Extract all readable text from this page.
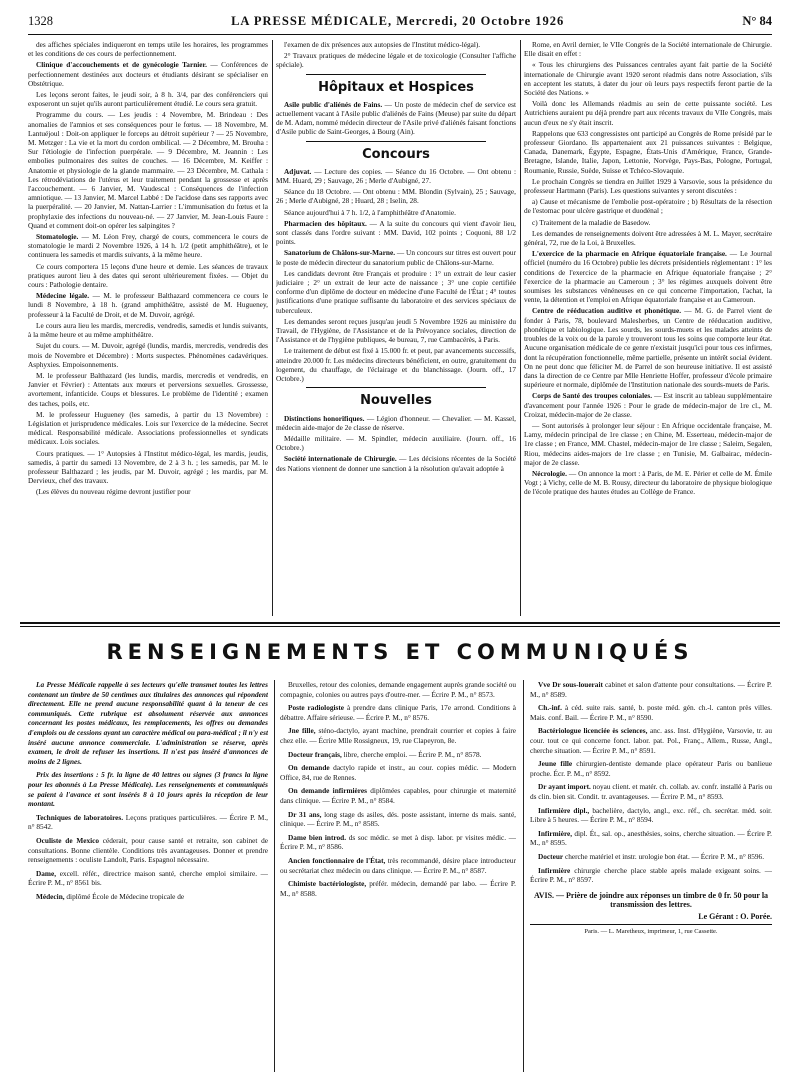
1328	LA PRESSE MÉDICALE, Mercredi, 20 Octobre 1926	N° 84

des affiches spéciales indiqueront en temps utile les horaires, les programmes et les conditions de ces cours de perfectionnement.

Clinique d'accouchements et de gynécologie Tarnier. — Conférences de perfectionnement destinées aux docteurs et étudiants désirant se spécialiser en Obstétrique.

Les leçons seront faites, le jeudi soir, à 8 h. 3/4, par des conférenciers qui exposeront un sujet qu'ils auront particulièrement étudié. Le cours sera gratuit.

Programme du cours. — Les jeudis : 4 Novembre, M. Brindeau : Des anomalies de l'amnios et ses conséquences pour le fœtus. — 18 Novembre, M. Lantuéjoul : Doit-on appliquer le forceps au détroit supérieur ? — 25 Novembre, M. Metzger : La vie et la mort du cordon ombilical. — 2 Décembre, M. Brouha : Sur l'étiologie de l'infection puerpérale. — 9 Décembre, M. Jeannin : Les embolies pulmonaires des suites de couches. — 16 Décembre, M. Keiffer : Anatomie et physiologie de la glande mammaire. — 23 Décembre, M. Cathala : Les rétrodéviations de l'utérus et leur traitement pendant la grossesse et après l'accouchement. — 6 Janvier, M. Vaudescal : Conséquences de l'infection amniotique. — 13 Janvier, M. Marcel Labbé : De l'acidose dans ses rapports avec la puerpéralité. — 20 Janvier, M. Nattan-Larrier : L'immunisation du fœtus et la prophylaxie des infections du nouveau-né. — 27 Janvier, M. Jean-Louis Faure : Quand et comment doit-on opérer les salpingites ?

Stomatologie. — M. Léon Frey, chargé de cours, commencera le cours de stomatologie le mardi 2 Novembre 1926, à 14 h. 1/2 (petit amphithéâtre), et le continuera les samedis et mardis suivants, à la même heure.

Ce cours comportera 15 leçons d'une heure et demie. Les séances de travaux pratiques auront lieu à des dates qui seront ultérieurement fixées. — Objet du cours : Pathologie dentaire.

Médecine légale. — M. le professeur Balthazard commencera ce cours le lundi 8 Novembre, à 18 h. (grand amphithéâtre, assisté de M. Hugueney, professeur à la Faculté de Droit, et de M. Duvoir, agrégé.

Le cours aura lieu les mardis, mercredis, vendredis, samedis et lundis suivants, à la même heure et au même amphithéâtre.

Sujet du cours. — M. Duvoir, agrégé (lundis, mardis, mercredis, vendredis des mois de Novembre et Décembre) : Morts suspectes. Phénomènes cadavériques. Asphyxies. Empoisonnements.

M. le professeur Balthazard (les lundis, mardis, mercredis et vendredis, en Janvier et Février) : Attentats aux mœurs et perversions sexuelles. Grossesse, avortement, infanticide. Coups et blessures. Le problème de l'identité ; examen des taches, poils, etc.

M. le professeur Hugueney (les samedis, à partir du 13 Novembre) : Législation et jurisprudence médicales. Lois sur l'exercice de la médecine. Secret médical. Responsabilité médicale. Associations professionnelles et syndicats médicaux. Lois sociales.

Cours pratiques. — 1° Autopsies à l'Institut médico-légal, les mardis, jeudis, samedis, à partir du samedi 13 Novembre, de 2 à 3 h. ; les samedis, par M. le professeur Balthazard ; les jeudis, par M. Duvoir, agrégé ; les mardis, par M. Dervieux, chef des travaux.

(Les élèves du nouveau régime devront justifier pour

l'examen de dix présences aux autopsies de l'Institut médico-légal).

2° Travaux pratiques de médecine légale et de toxicologie (Consulter l'affiche spéciale).

Hôpitaux et Hospices

Asile public d'aliénés de Fains. — Un poste de médecin chef de service est actuellement vacant à l'Asile public d'aliénés de Fains (Meuse) par suite du départ de M. Adam, nommé médecin directeur de l'Asile privé d'aliénés faisant fonctions d'Asile public de Saint-Georges, à Bourg (Ain).

Concours

Adjuvat. — Lecture des copies. — Séance du 16 Octobre. — Ont obtenu : MM. Huard, 29 ; Sauvage, 26 ; Merle d'Aubigné, 27.

Séance du 18 Octobre. — Ont obtenu : MM. Blondin (Sylvain), 25 ; Sauvage, 26 ; Merle d'Aubigné, 28 ; Huard, 28 ; Iselin, 28.

Séance aujourd'hui à 7 h. 1/2, à l'amphithéâtre d'Anatomie.

Pharmacien des hôpitaux. — A la suite du concours qui vient d'avoir lieu, sont classés dans l'ordre suivant : MM. David, 102 points ; Coquoni, 88 1/2 points.

Sanatorium de Châlons-sur-Marne. — Un concours sur titres est ouvert pour le poste de médecin directeur du sanatorium public de Châlons-sur-Marne.

Les candidats devront être Français et produire : 1° un extrait de leur casier judiciaire ; 2° un extrait de leur acte de naissance ; 3° une copie certifiée conforme d'un diplôme de docteur en médecine d'une Faculté de l'État ; 4° toutes justifications d'une pratique suffisante du laboratoire et des services spéciaux de tuberculeux.

Les demandes seront reçues jusqu'au jeudi 5 Novembre 1926 au ministère du Travail, de l'Hygiène, de l'Assistance et de la Prévoyance sociales, direction de l'Assistance et de l'hygiène publiques, 4e bureau, 7, rue Cambacérès, à Paris.

Le traitement de début est fixé à 15.000 fr. et peut, par avancements successifs, atteindre 20.000 fr. Les médecins directeurs bénéficient, en outre, gratuitement du logement, du chauffage, de l'éclairage et du blanchissage. (Journ. off., 17 Octobre.)

Nouvelles

Distinctions honorifiques. — Légion d'honneur. — Chevalier. — M. Kassel, médecin aide-major de 2e classe de réserve.

Médaille militaire. — M. Spindler, médecin auxiliaire. (Journ. off., 16 Octobre.)

Société internationale de Chirurgie. — Les décisions récentes de la Société des Nations viennent de donner une sanction à la résolution qu'avait adoptée à

Rome, en Avril dernier, le VIIe Congrès de la Société internationale de Chirurgie. Elle disait en effet :

« Tous les chirurgiens des Puissances centrales ayant fait partie de la Société internationale de Chirurgie avant 1920 seront réadmis dans notre Association, s'ils en acceptent les statuts, à dater du jour où leurs pays respectifs feront partie de la Société des Nations. »

Voilà donc les Allemands réadmis au sein de cette puissante société. Les Autrichiens auraient pu déjà prendre part aux récents travaux du VIIe Congrès, mais aucun d'eux ne s'y était inscrit.

Rappelons que 633 congressistes ont participé au Congrès de Rome présidé par le professeur Giordano. Ils appartenaient aux 21 puissances suivantes : Belgique, Canada, Danemark, Égypte, Espagne, États-Unis d'Amérique, France, Grande-Bretagne, Islande, Italie, Japon, Lettonie, Norvège, Pays-Bas, Pologne, Portugal, Roumanie, Russie, Suède, Suisse et Tchéco-Slovaquie.

Le prochain Congrès se tiendra en Juillet 1929 à Varsovie, sous la présidence du professeur Hartmann (Paris). Les questions suivantes y seront discutées :

a) Cause et mécanisme de l'embolie post-opératoire ; b) Résultats de la résection de l'estomac pour ulcère gastrique et duodénal ;

c) Traitement de la maladie de Basedow.

Les demandes de renseignements doivent être adressées à M. L. Mayer, secrétaire général, 72, rue de la Loi, à Bruxelles.

L'exercice de la pharmacie en Afrique équatoriale française. — Le Journal officiel (numéro du 16 Octobre) publie les décrets présidentiels réglementant : 1° les conditions de l'exercice de la pharmacie en Afrique équatoriale française ; 2° l'exercice de la pharmacie au Cameroun ; 3° les régimes auxquels doivent être soumises les substances vénéneuses en ce qui concerne l'importation, l'achat, la vente, la détention et l'emploi en Afrique équatoriale française et au Cameroun.

Centre de rééducation auditive et phonétique. — M. G. de Parrel vient de fonder à Paris, 78, boulevard Malesherbes, un Centre de rééducation auditive, phonétique et labiologique. Les sourds, les sourds-muets et les malades atteints de troubles de la voix ou de la parole y trouveront tous les soins que comporte leur état. Aucune organisation médicale de ce genre n'existait jusqu'ici pour tous ces infirmes, dont la récupération fonctionnelle, même partielle, présente un intérêt social évident. On ne peut donc que féliciter M. de Parrel de son heureuse initiative. Il est assisté dans la direction de ce Centre par Mlle Henriette Hoffer, professeur d'école primaire supérieure et normale, diplômée de l'Institution nationale des sourds-muets de Paris.

Corps de Santé des troupes coloniales. — Est inscrit au tableau supplémentaire d'avancement pour l'année 1926 : Pour le grade de médecin-major de 1re cl., M. Croizat, médecin-major de 2e classe.

— Sont autorisés à prolonger leur séjour : En Afrique occidentale française, M. Lamy, médecin principal de 1re classe ; en Chine, M. Esserteau, médecin-major de 1re classe ; en France, MM. Chastel, médecin-major de 1re classe ; Saleim, Segalen, Riou, médecins aides-majors de 1re classe ; en Tunisie, M. Galbairac, médecin-major de 2e classe.

Nécrologie. — On annonce la mort : à Paris, de M. E. Périer et celle de M. Émile Vogt ; à Vichy, celle de M. B. Rousy, directeur du laboratoire de physique biologique de l'école pratique des hautes études au Collège de France.

RENSEIGNEMENTS ET COMMUNIQUÉS

La Presse Médicale rappelle à ses lecteurs qu'elle transmet toutes les lettres contenant un timbre de 50 centimes aux titulaires des annonces qui répondent directement. Elle ne prend aucune responsabilité quant à la teneur de ces communiqués. Cette rubrique est absolument réservée aux annonces concernant les postes médicaux, les remplacements, les offres ou demandes d'emplois ou de cessions ayant un caractère médical ou para-médical ; il n'y est inséré aucune annonce commerciale. L'administration se réserve, après examen, le droit de refuser les insertions. Il n'est pas inséré d'annonces de moins de 2 lignes.

Prix des insertions : 5 fr. la ligne de 40 lettres ou signes (3 francs la ligne pour les abonnés à La Presse Médicale). Les renseignements et communiqués se paient à l'avance et sont insérés 8 à 10 jours après la réception de leur montant.

Techniques de laboratoires. Leçons pratiques particulières. — Écrire P. M., n° 8542.

Oculiste de Mexico céderait, pour cause santé et retraite, son cabinet de consultations. Bonne clientèle. Conditions très avantageuses. Donner et prendre renseignements : oculiste Landolt, Paris. Espagnol nécessaire.

Dame, excell. référ., directrice maison santé, cherche emploi similaire. — Écrire P. M., n° 8561 bis.

Médecin, diplômé École de Médecine tropicale de

Bruxelles, retour des colonies, demande engagement auprès grande société ou compagnie, colonies ou autres pays d'outre-mer. — Écrire P. M., n° 8573.

Poste radiologiste à prendre dans clinique Paris, 17e arrond. Conditions à débattre. Affaire sérieuse. — Écrire P. M., n° 8576.

Jne fille, sténo-dactylo, ayant machine, prendrait courrier et copies à faire chez elle. — Écrire Mlle Rossigneux, 19, rue Clapeyron, 8e.

Docteur français, libre, cherche emploi. — Écrire P. M., n° 8578.

On demande dactylo rapide et instr., au cour. copies médic. — Modern Office, 84, rue de Rennes.

On demande infirmières diplômées capables, pour chirurgie et maternité dans clinique. — Écrire P. M., n° 8584.

Dr 31 ans, long stage ds asiles, dés. poste assistant, interne ds mais. santé, clinique. — Écrire P. M., n° 8585.

Dame bien introd. ds soc médic. se met à disp. labor. pr visites médic. — Écrire P. M., n° 8586.

Ancien fonctionnaire de l'État, très recommandé, désire place introducteur ou secrétariat chez médecin ou dans clinique. — Écrire P. M., n° 8587.

Chimiste bactériologiste, préfér. médecin, demandé par labo. — Écrire P. M., n° 8588.

Vve Dr sous-louerait cabinet et salon d'attente pour consultations. — Écrire P. M., n° 8589.

Ch.-inf. à céd. suite rais. santé, b. poste méd. gén. ch.-l. canton près villes. Mais. conf. Bail. — Écrire P. M., n° 8590.

Bactériologue licenciée ès sciences, anc. ass. Inst. d'Hygiène, Varsovie, tr. au cour. tout ce qui concerne fonct. labor. pat. Pol., Franç., Allem., Russe, Angl., cherche situation. — Écrire P. M., n° 8591.

Jeune fille chirurgien-dentiste demande place opérateur Paris ou banlieue proche. Écr. P. M., n° 8592.

Dr ayant import. noyau client. et matér. ch. collab. av. confr. installé à Paris ou ds clin. bien sit. Condit. tr. avantageuses. — Écrire P. M., n° 8593.

Infirmière dipl., bachelière, dactylo, angl., exc. réf., ch. secrétar. méd. soir. Libre à 5 heures. — Écrire P. M., n° 8594.

Infirmière, dipl. Ét., sal. op., anesthésies, soins, cherche situation. — Écrire P. M., n° 8595.

Docteur cherche matériel et instr. urologie bon état. — Écrire P. M., n° 8596.

Infirmière chirurgie cherche place stable après malade exigeant soins. — Écrire P. M., n° 8597.

AVIS. — Prière de joindre aux réponses un timbre de 0 fr. 50 pour la transmission des lettres.
Le Gérant : O. Porée.
Paris. — L. Maretheux, imprimeur, 1, rue Cassette.
